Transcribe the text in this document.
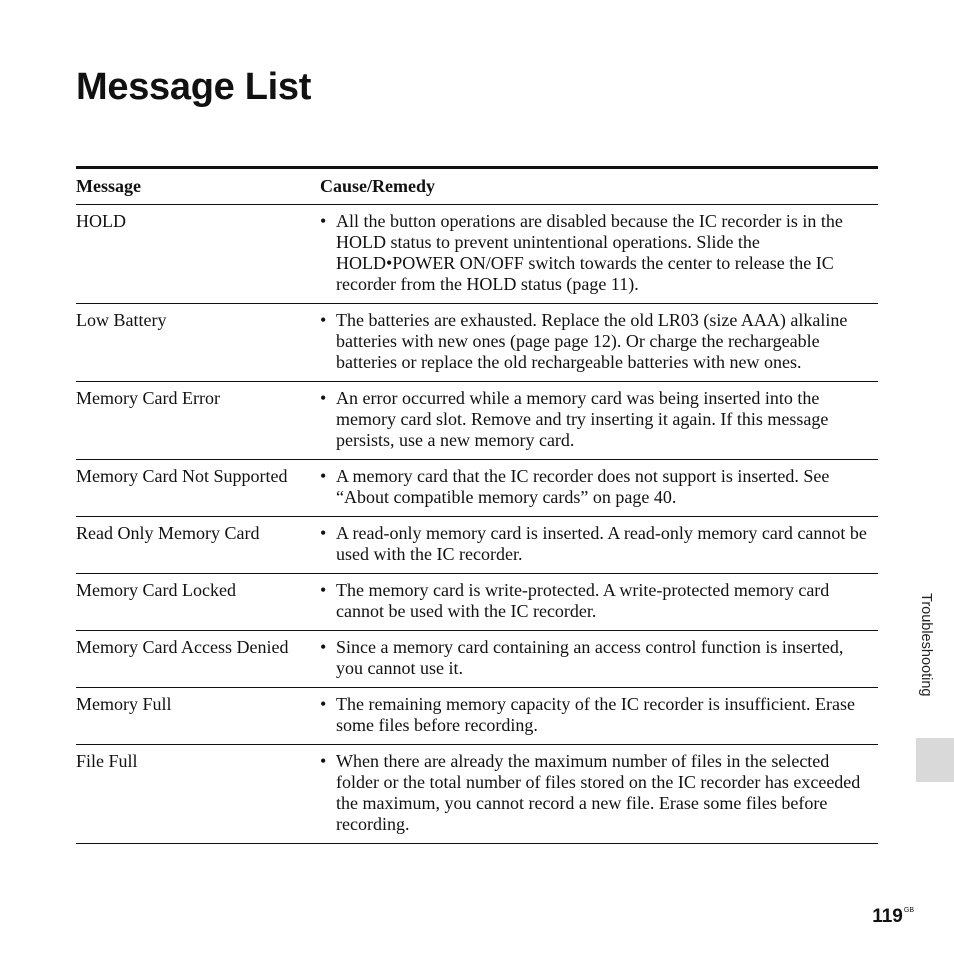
Message List
Message	Cause/Remedy
HOLD	• All the button operations are disabled because the IC recorder is in the HOLD status to prevent unintentional operations. Slide the HOLD•POWER ON/OFF switch towards the center to release the IC recorder from the HOLD status (page 11).
Low Battery	• The batteries are exhausted. Replace the old LR03 (size AAA) alkaline batteries with new ones (page page 12). Or charge the rechargeable batteries or replace the old rechargeable batteries with new ones.
Memory Card Error	• An error occurred while a memory card was being inserted into the memory card slot. Remove and try inserting it again. If this message persists, use a new memory card.
Memory Card Not Supported	• A memory card that the IC recorder does not support is inserted. See “About compatible memory cards” on page 40.
Read Only Memory Card	• A read-only memory card is inserted. A read-only memory card cannot be used with the IC recorder.
Memory Card Locked	• The memory card is write-protected. A write-protected memory card cannot be used with the IC recorder.
Memory Card Access Denied	• Since a memory card containing an access control function is inserted, you cannot use it.
Memory Full	• The remaining memory capacity of the IC recorder is insufficient. Erase some files before recording.
File Full	• When there are already the maximum number of files in the selected folder or the total number of files stored on the IC recorder has exceeded the maximum, you cannot record a new file. Erase some files before recording.
Troubleshooting
$119^{GB}$
